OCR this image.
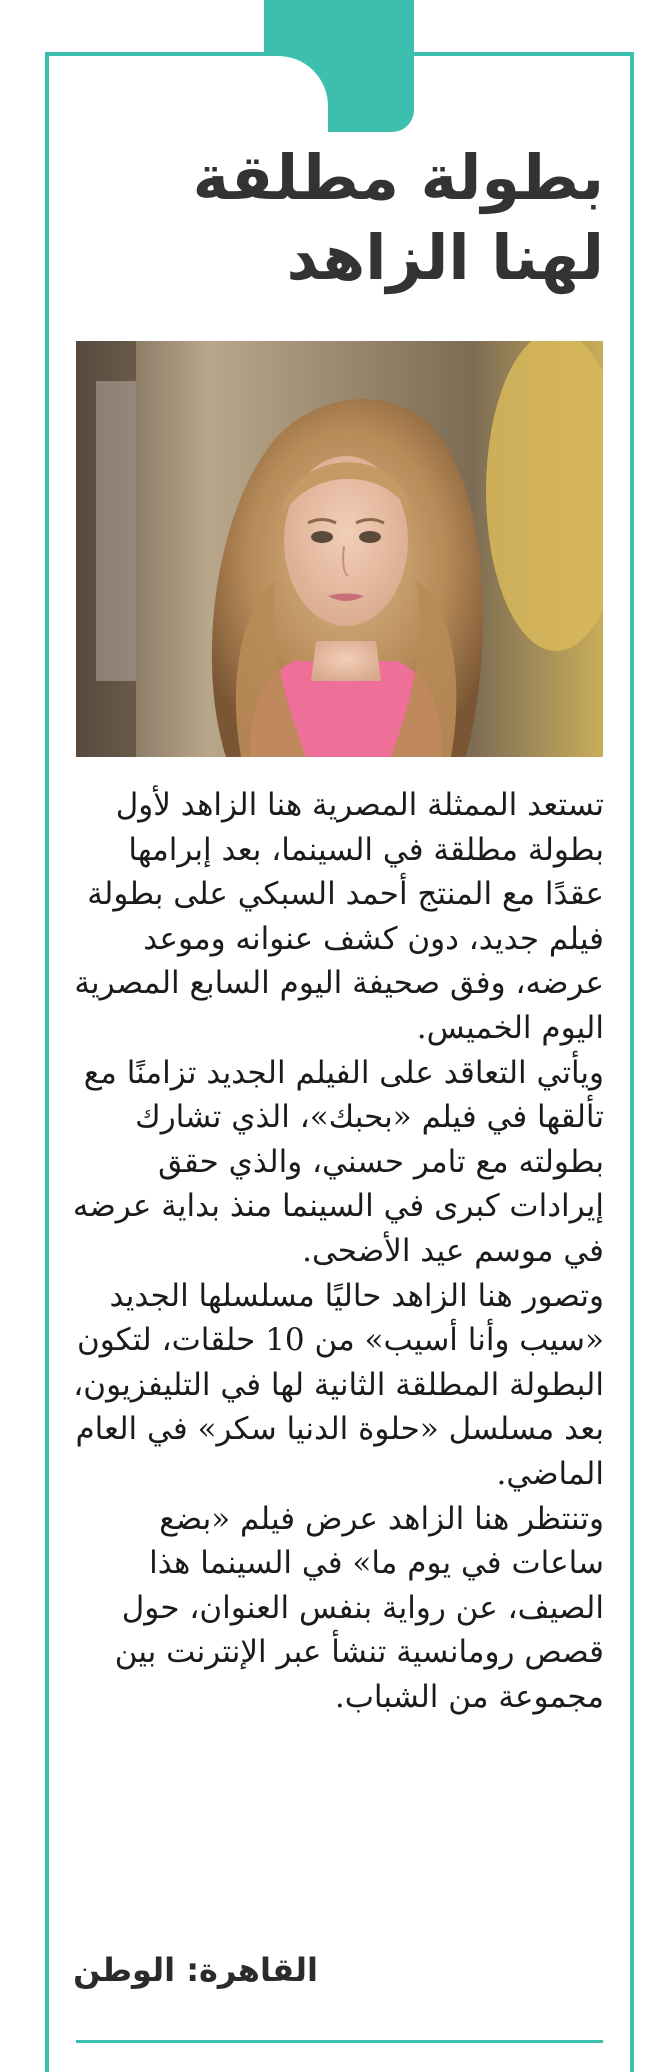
بطولة مطلقة لهنا الزاهد

تستعد الممثلة المصرية هنا الزاهد لأول بطولة مطلقة في السينما، بعد إبرامها عقدًا مع المنتج أحمد السبكي على بطولة فيلم جديد، دون كشف عنوانه وموعد عرضه، وفق صحيفة اليوم السابع المصرية اليوم الخميس.

ويأتي التعاقد على الفيلم الجديد تزامنًا مع تألقها في فيلم «بحبك»، الذي تشارك بطولته مع تامر حسني، والذي حقق إيرادات كبرى في السينما منذ بداية عرضه في موسم عيد الأضحى.

وتصور هنا الزاهد حاليًا مسلسلها الجديد «سيب وأنا أسيب» من 10 حلقات، لتكون البطولة المطلقة الثانية لها في التليفزيون، بعد مسلسل «حلوة الدنيا سكر» في العام الماضي.

وتنتظر هنا الزاهد عرض فيلم «بضع ساعات في يوم ما» في السينما هذا الصيف، عن رواية بنفس العنوان، حول قصص رومانسية تنشأ عبر الإنترنت بين مجموعة من الشباب.

القاهرة: الوطن
